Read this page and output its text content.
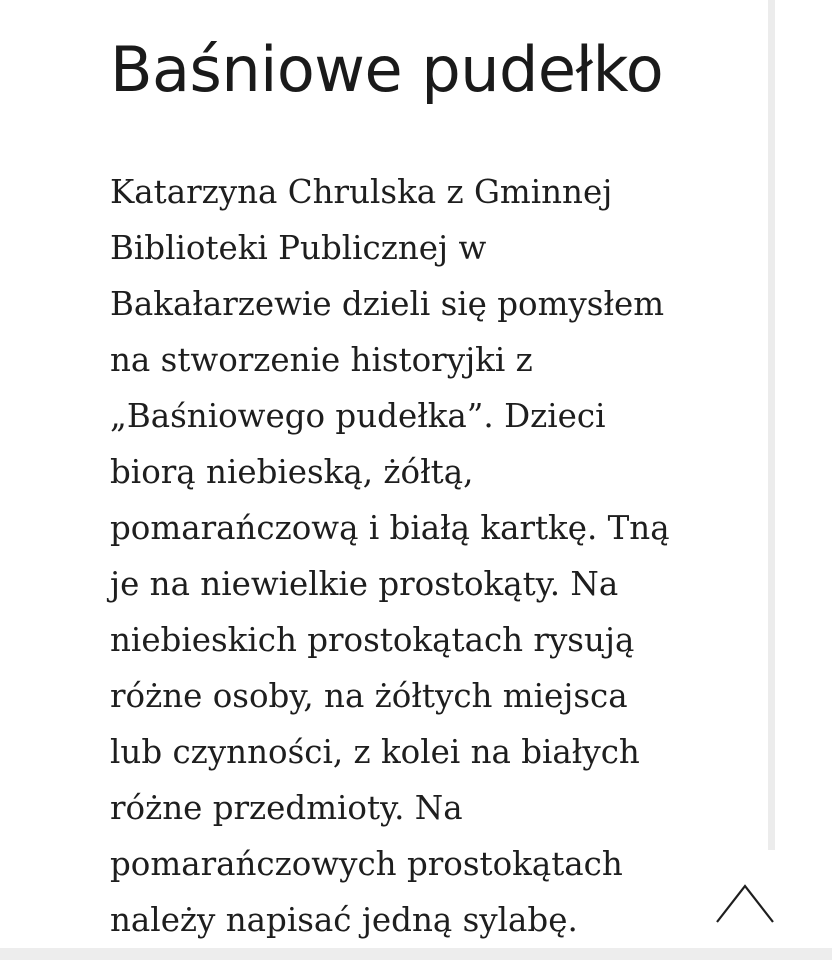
Baśniowe pudełko

Katarzyna Chrulska z Gminnej
Biblioteki Publicznej w
Bakałarzewie dzieli się pomysłem
na stworzenie historyjki z
„Baśniowego pudełka”. Dzieci
biorą niebieską, żółtą,
pomarańczową i białą kartkę. Tną
je na niewielkie prostokąty. Na
niebieskich prostokątach rysują
różne osoby, na żółtych miejsca
lub czynności, z kolei na białych
różne przedmioty. Na
pomarańczowych prostokątach
należy napisać jedną sylabę.
